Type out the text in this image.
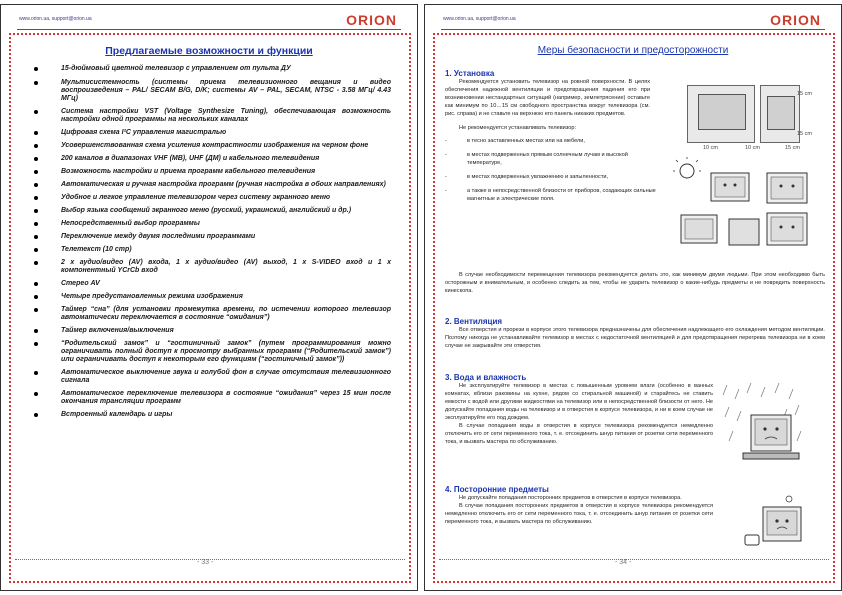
www.orion.ua, support@orion.ua	ORION
Предлагаемые возможности и функции
15-дюймовый цветной телевизор с управлением от пульта ДУ
Мультисистемность (системы приема телевизионного вещания и видео воспроизведения – PAL/ SECAM B/G, D/K; системы AV – PAL, SECAM, NTSC - 3.58 МГц/ 4.43 МГц)
Система настройки VST (Voltage Synthesize Tuning), обеспечивающая возможность настройки одной программы на нескольких каналах
Цифровая схема I²C управления магистралью
Усовершенствованная схема усиления контрастности изображения на черном фоне
200 каналов в диапазонах VHF (MB), UHF (ДМ) и кабельного телевидения
Возможность настройки и приема программ кабельного телевидения
Автоматическая и ручная настройка программ (ручная настройка в обоих направлениях)
Удобное и легкое управление телевизором через систему экранного меню
Выбор языка сообщений экранного меню (русский, украинский, английский и др.)
Непосредственный выбор программы
Переключение между двумя последними программами
Телетекст (10 стр)
2 х аудио/видео (AV) входа, 1 х аудио/видео (AV) выход, 1 х S-VIDEO вход и 1 х компонентный YCrCb вход
Стерео AV
Четыре предустановленных режима изображения
Таймер “сна” (для установки промежутка времени, по истечении которого телевизор автоматически переключается в состояние “ожидания”)
Таймер включения/выключения
“Родительский замок” и “гостиничный замок” (путем программирования можно ограничивать полный доступ к просмотру выбранных программ (“Родительский замок”) или ограничивать доступ к некоторым его функциям (“гостиничный замок”))
Автоматическое выключение звука и голубой фон в случае отсутствия телевизионного сигнала
Автоматическое переключение телевизора в состояние “ожидания” через 15 мин после окончания трансляции программ
Встроенный календарь и игры
- 33 -
www.orion.ua, support@orion.ua	ORION
Меры безопасности и предосторожности
1. Установка

Рекомендуется установить телевизор на ровной поверхности. В целях обеспечения надежной вентиляции и предотвращения падения его при возникновении нестандартных ситуаций (например, землетрясение) оставьте как минимум по 10…15 см свободного пространства вокруг телевизора (см. рис. справа) и не ставьте на верхнюю его панель никаких предметов.

Не рекомендуется устанавливать телевизор:

- в тесно заставленных местах или на мебели,
- в местах подверженных прямым солнечным лучам и высокой температуре,
- в местах подверженных увлажнению и запыленности,
- а также в непосредственной близости от приборов, создающих сильные магнитные и электрические поля.
15 cm
15 cm
10 cm	10 cm	15 cm

В случае необходимости перемещения телевизора рекомендуется делать это, как минимум двумя людьми. При этом необходимо быть осторожным и внимательным, и особенно следить за тем, чтобы не ударить телевизор о какие-нибудь предметы и не повредить поверхность кинескопа.

2. Вентиляция

Все отверстия и прорези в корпусе этого телевизора предназначены для обеспечения надлежащего его охлаждения методом вентиляции. Поэтому никогда не устанавливайте телевизор в местах с недостаточной вентиляцией и для предотвращения перегрева телевизора ни в коем случае не закрывайте эти отверстия.

3. Вода и влажность

Не эксплуатируйте телевизор в местах с повышенным уровнем влаги (особенно в ванных комнатах, вблизи раковины на кухне, рядом со стиральной машиной) и старайтесь не ставить емкости с водой или другими жидкостями на телевизор или в непосредственной близости от него. Не допускайте попадания воды на телевизор и в отверстия в корпусе телевизора, и ни в коем случае не эксплуатируйте его под дождем.

В случае попадания воды в отверстия в корпусе телевизора рекомендуется немедленно отключить его от сети переменного тока, т. е. отсоединить шнур питания от розетки сети переменного тока, и вызвать мастера по обслуживанию.

4. Посторонние предметы

Не допускайте попадания посторонних предметов в отверстия в корпусе телевизора.

В случае попадания посторонних предметов в отверстия в корпусе телевизора рекомендуется немедленно отключить его от сети переменного тока, т. е. отсоединить шнур питания от розетки сети переменного тока, и вызвать мастера по обслуживанию.

- 34 -
